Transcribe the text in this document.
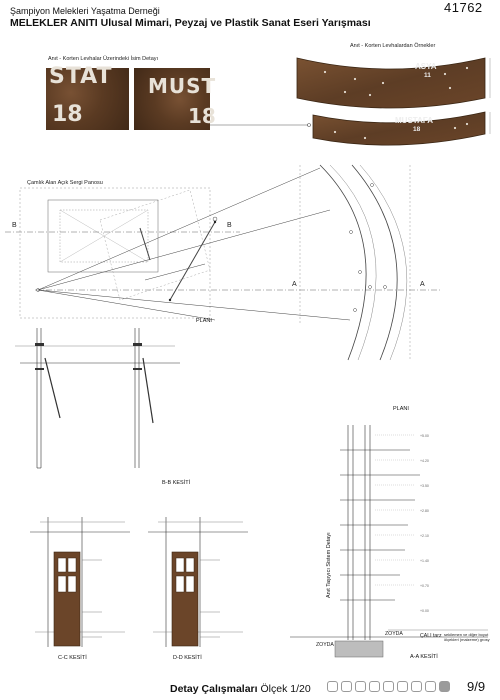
Şampiyon Melekleri Yaşatma Derneği
MELEKLER ANITI Ulusal Mimari, Peyzaj ve Plastik Sanat Eseri Yarışması
41762
Anıt - Korten Levhalar Üzerindeki İsim Detayı
STAT
18
MUST
18
Anıt - Korten Levhalardan Örnekler
ASYA
11
MUSTAFA
18
Çamlık Alan Açık Sergi Panosu
B	B
A	A
PLANI
B-B KESİTİ
C-C KESİTİ	D-D KESİTİ
PLANI
+5.00
+4.20
+3.50
+2.80
+2.10
+1.40
+0.70
+0.00
Anıt Taşıyıcı Sistem Detayı
ZOYDA
ZOYDA
ÇALI tarz sekilemen ve diğer boyut ölçekleri (malzeme) grosy
A-A KESİTİ
Detay Çalışmaları Ölçek 1/20	9/9
